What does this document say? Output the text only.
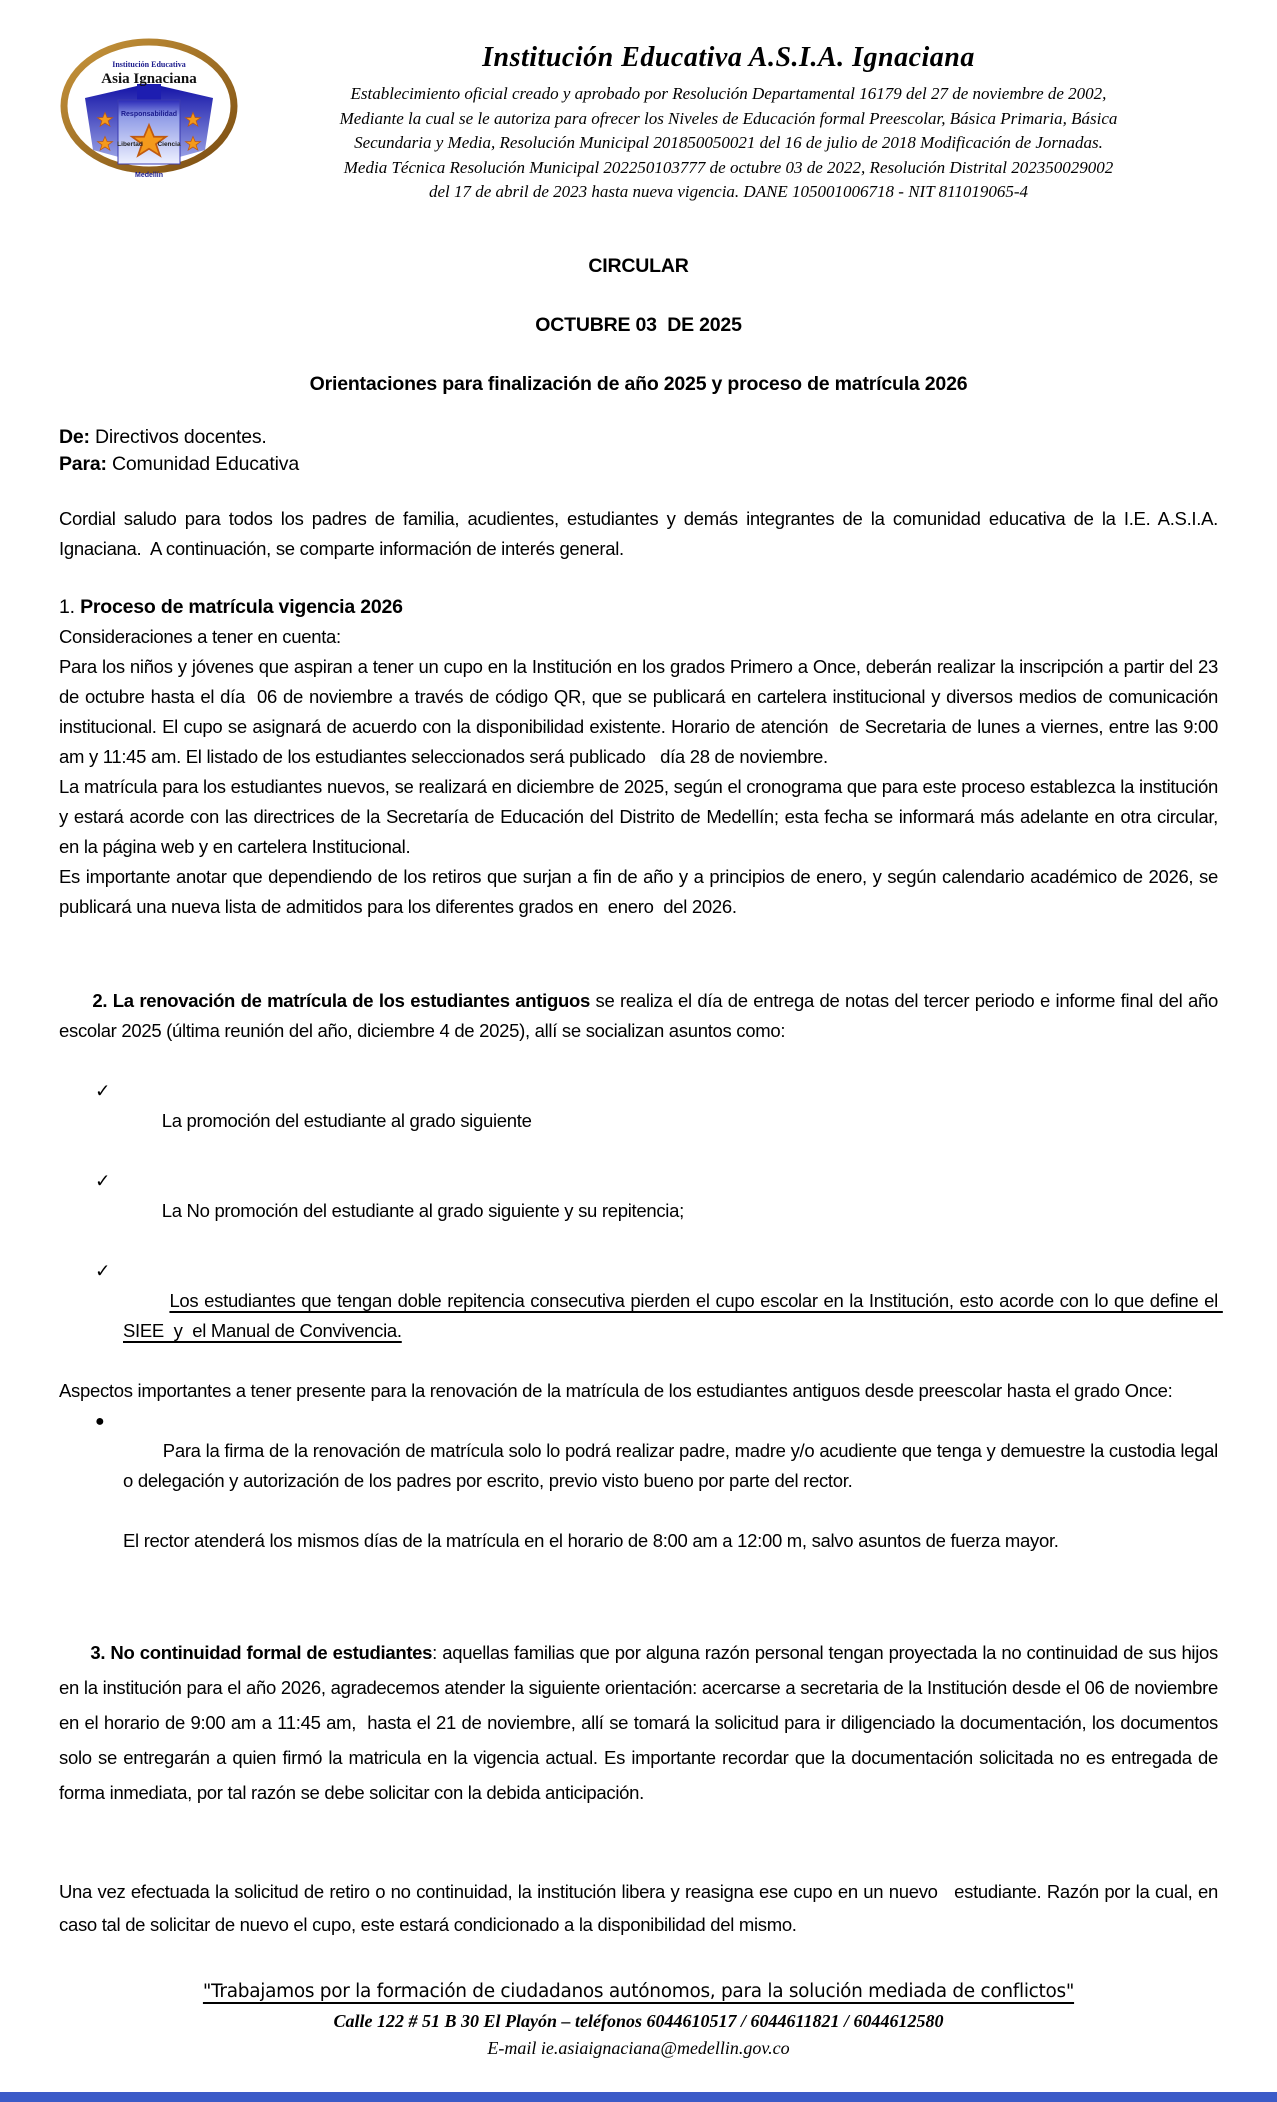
Institución Educativa
Asia Ignaciana
Responsabilidad
Libertad Ciencia
Medellín
Institución Educativa A.S.I.A. Ignaciana
Establecimiento oficial creado y aprobado por Resolución Departamental 16179 del 27 de noviembre de 2002,
Mediante la cual se le autoriza para ofrecer los Niveles de Educación formal Preescolar, Básica Primaria, Básica
Secundaria y Media, Resolución Municipal 201850050021 del 16 de julio de 2018 Modificación de Jornadas.
Media Técnica Resolución Municipal 202250103777 de octubre 03 de 2022, Resolución Distrital 202350029002
del 17 de abril de 2023 hasta nueva vigencia. DANE 105001006718 - NIT 811019065-4
CIRCULAR
OCTUBRE 03  DE 2025
Orientaciones para finalización de año 2025 y proceso de matrícula 2026
De: Directivos docentes.
Para: Comunidad Educativa

Cordial saludo para todos los padres de familia, acudientes, estudiantes y demás integrantes de la comunidad educativa de la I.E. A.S.I.A. Ignaciana.  A continuación, se comparte información de interés general.

1. Proceso de matrícula vigencia 2026
Consideraciones a tener en cuenta:

Para los niños y jóvenes que aspiran a tener un cupo en la Institución en los grados Primero a Once, deberán realizar la inscripción a partir del 23 de octubre hasta el día  06 de noviembre a través de código QR, que se publicará en cartelera institucional y diversos medios de comunicación institucional. El cupo se asignará de acuerdo con la disponibilidad existente. Horario de atención  de Secretaria de lunes a viernes, entre las 9:00 am y 11:45 am. El listado de los estudiantes seleccionados será publicado   día 28 de noviembre.

La matrícula para los estudiantes nuevos, se realizará en diciembre de 2025, según el cronograma que para este proceso establezca la institución y estará acorde con las directrices de la Secretaría de Educación del Distrito de Medellín; esta fecha se informará más adelante en otra circular, en la página web y en cartelera Institucional.

Es importante anotar que dependiendo de los retiros que surjan a fin de año y a principios de enero, y según calendario académico de 2026, se publicará una nueva lista de admitidos para los diferentes grados en  enero  del 2026.

2. La renovación de matrícula de los estudiantes antiguos se realiza el día de entrega de notas del tercer periodo e informe final del año escolar 2025 (última reunión del año, diciembre 4 de 2025), allí se socializan asuntos como:

✓
La promoción del estudiante al grado siguiente

✓
La No promoción del estudiante al grado siguiente y su repitencia;

✓
Los estudiantes que tengan doble repitencia consecutiva pierden el cupo escolar en la Institución, esto acorde con lo que define el SIEE  y  el Manual de Convivencia.

Aspectos importantes a tener presente para la renovación de la matrícula de los estudiantes antiguos desde preescolar hasta el grado Once:

●
Para la firma de la renovación de matrícula solo lo podrá realizar padre, madre y/o acudiente que tenga y demuestre la custodia legal o delegación y autorización de los padres por escrito, previo visto bueno por parte del rector.

El rector atenderá los mismos días de la matrícula en el horario de 8:00 am a 12:00 m, salvo asuntos de fuerza mayor.

3. No continuidad formal de estudiantes: aquellas familias que por alguna razón personal tengan proyectada la no continuidad de sus hijos en la institución para el año 2026, agradecemos atender la siguiente orientación: acercarse a secretaria de la Institución desde el 06 de noviembre en el horario de 9:00 am a 11:45 am,  hasta el 21 de noviembre, allí se tomará la solicitud para ir diligenciado la documentación, los documentos solo se entregarán a quien firmó la matricula en la vigencia actual. Es importante recordar que la documentación solicitada no es entregada de forma inmediata, por tal razón se debe solicitar con la debida anticipación.

Una vez efectuada la solicitud de retiro o no continuidad, la institución libera y reasigna ese cupo en un nuevo   estudiante. Razón por la cual, en caso tal de solicitar de nuevo el cupo, este estará condicionado a la disponibilidad del mismo.

"Trabajamos por la formación de ciudadanos autónomos, para la solución mediada de conflictos"
Calle 122 # 51 B 30 El Playón – teléfonos 6044610517 / 6044611821 / 6044612580
E-mail ie.asiaignaciana@medellin.gov.co
